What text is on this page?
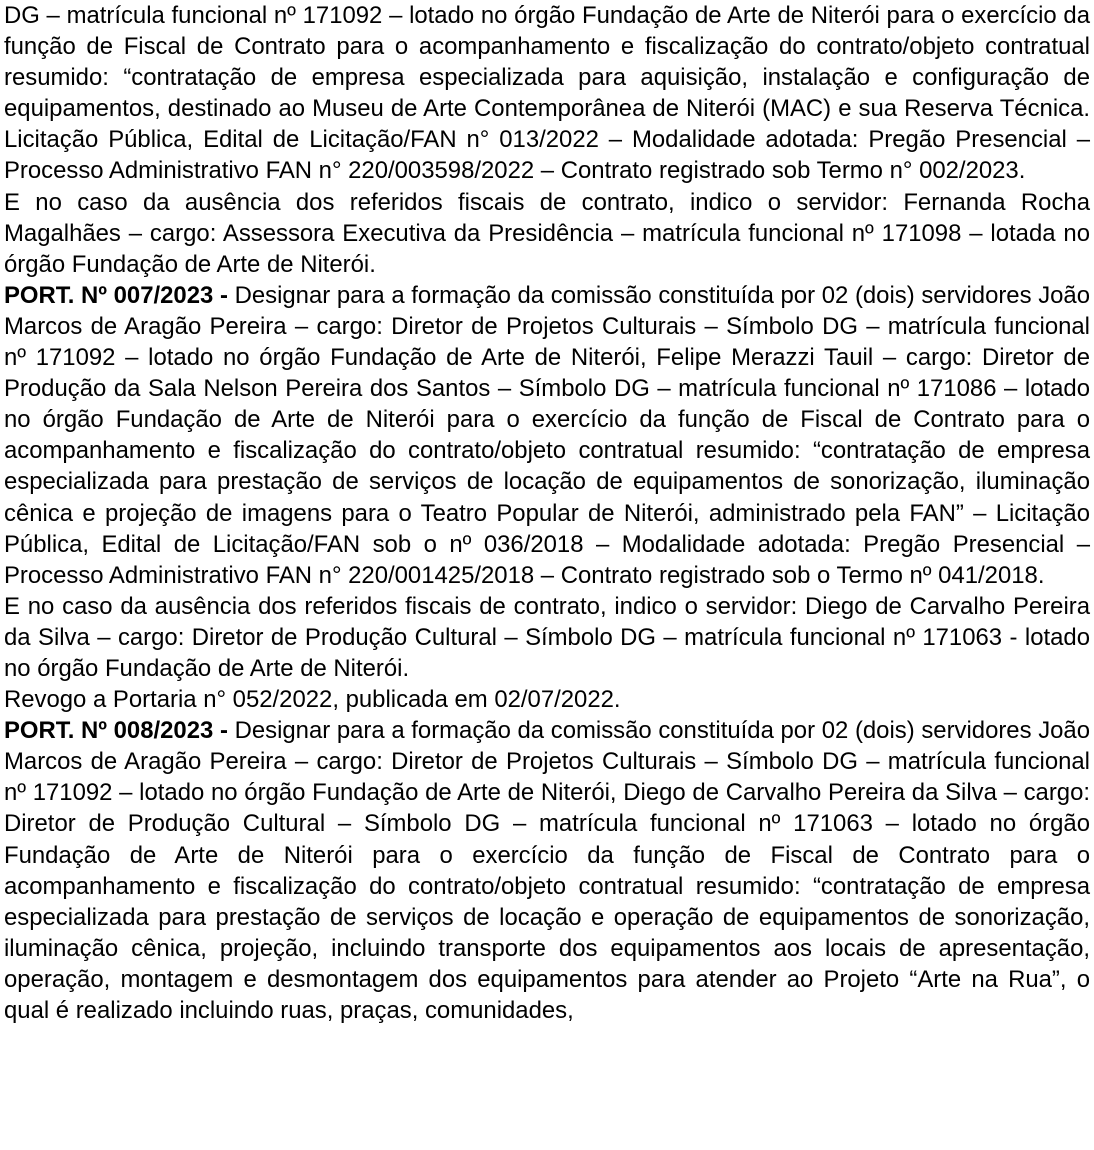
DG – matrícula funcional nº 171092 – lotado no órgão Fundação de Arte de Niterói para o exercício da função de Fiscal de Contrato para o acompanhamento e fiscalização do contrato/objeto contratual resumido: “contratação de empresa especializada para aquisição, instalação e configuração de equipamentos, destinado ao Museu de Arte Contemporânea de Niterói (MAC) e sua Reserva Técnica. Licitação Pública, Edital de Licitação/FAN n° 013/2022 – Modalidade adotada: Pregão Presencial – Processo Administrativo FAN n° 220/003598/2022 – Contrato registrado sob Termo n° 002/2023.

E no caso da ausência dos referidos fiscais de contrato, indico o servidor: Fernanda Rocha Magalhães – cargo: Assessora Executiva da Presidência – matrícula funcional nº 171098 – lotada no órgão Fundação de Arte de Niterói.

PORT. Nº 007/2023 - Designar para a formação da comissão constituída por 02 (dois) servidores João Marcos de Aragão Pereira – cargo: Diretor de Projetos Culturais – Símbolo DG – matrícula funcional nº 171092 – lotado no órgão Fundação de Arte de Niterói, Felipe Merazzi Tauil – cargo: Diretor de Produção da Sala Nelson Pereira dos Santos – Símbolo DG – matrícula funcional nº 171086 – lotado no órgão Fundação de Arte de Niterói para o exercício da função de Fiscal de Contrato para o acompanhamento e fiscalização do contrato/objeto contratual resumido: “contratação de empresa especializada para prestação de serviços de locação de equipamentos de sonorização, iluminação cênica e projeção de imagens para o Teatro Popular de Niterói, administrado pela FAN” – Licitação Pública, Edital de Licitação/FAN sob o nº 036/2018 – Modalidade adotada: Pregão Presencial – Processo Administrativo FAN n° 220/001425/2018 – Contrato registrado sob o Termo nº 041/2018.

E no caso da ausência dos referidos fiscais de contrato, indico o servidor: Diego de Carvalho Pereira da Silva – cargo: Diretor de Produção Cultural – Símbolo DG – matrícula funcional nº 171063 - lotado no órgão Fundação de Arte de Niterói.

Revogo a Portaria n° 052/2022, publicada em 02/07/2022.

PORT. Nº 008/2023 - Designar para a formação da comissão constituída por 02 (dois) servidores João Marcos de Aragão Pereira – cargo: Diretor de Projetos Culturais – Símbolo DG – matrícula funcional nº 171092 – lotado no órgão Fundação de Arte de Niterói, Diego de Carvalho Pereira da Silva – cargo: Diretor de Produção Cultural – Símbolo DG – matrícula funcional nº 171063 – lotado no órgão Fundação de Arte de Niterói para o exercício da função de Fiscal de Contrato para o acompanhamento e fiscalização do contrato/objeto contratual resumido: “contratação de empresa especializada para prestação de serviços de locação e operação de equipamentos de sonorização, iluminação cênica, projeção, incluindo transporte dos equipamentos aos locais de apresentação, operação, montagem e desmontagem dos equipamentos para atender ao Projeto “Arte na Rua”, o qual é realizado incluindo ruas, praças, comunidades,
